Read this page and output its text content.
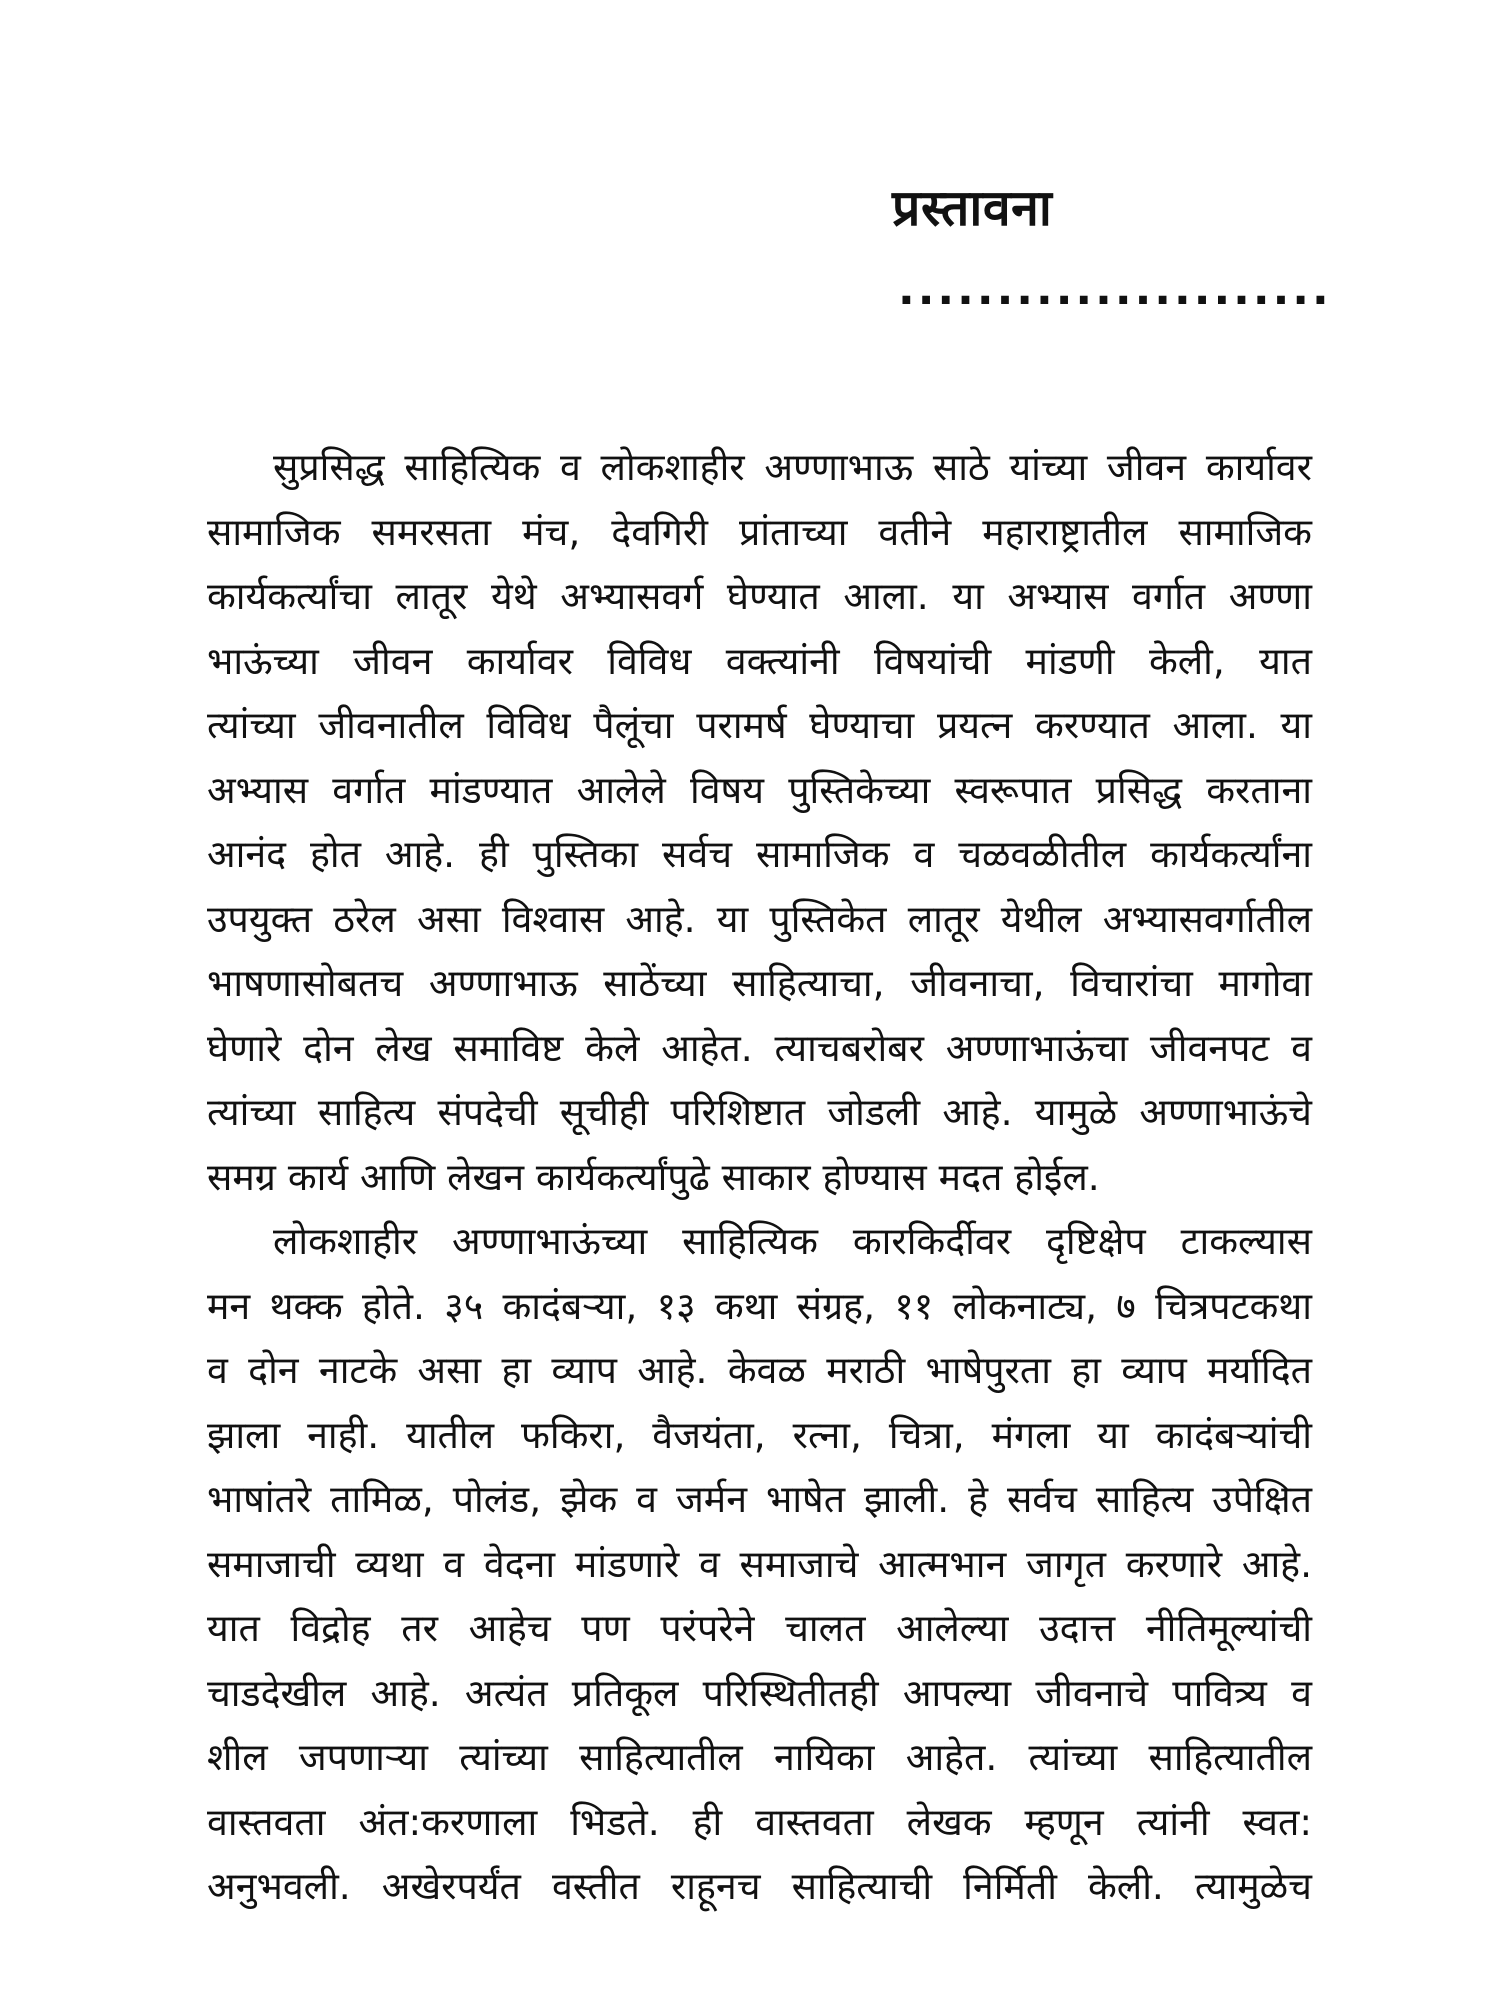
प्रस्तावना
......................
सुप्रसिद्ध साहित्यिक व लोकशाहीर अण्णाभाऊ साठे यांच्या जीवन कार्यावर
सामाजिक समरसता मंच, देवगिरी प्रांताच्या वतीने महाराष्ट्रातील सामाजिक
कार्यकर्त्यांचा लातूर येथे अभ्यासवर्ग घेण्यात आला. या अभ्यास वर्गात अण्णा
भाऊंच्या जीवन कार्यावर विविध वक्त्यांनी विषयांची मांडणी केली, यात
त्यांच्या जीवनातील विविध पैलूंचा परामर्ष घेण्याचा प्रयत्न करण्यात आला. या
अभ्यास वर्गात मांडण्यात आलेले विषय पुस्तिकेच्या स्वरूपात प्रसिद्ध करताना
आनंद होत आहे. ही पुस्तिका सर्वच सामाजिक व चळवळीतील कार्यकर्त्यांना
उपयुक्त ठरेल असा विश्वास आहे. या पुस्तिकेत लातूर येथील अभ्यासवर्गातील
भाषणासोबतच अण्णाभाऊ साठेंच्या साहित्याचा, जीवनाचा, विचारांचा मागोवा
घेणारे दोन लेख समाविष्ट केले आहेत. त्याचबरोबर अण्णाभाऊंचा जीवनपट व
त्यांच्या साहित्य संपदेची सूचीही परिशिष्टात जोडली आहे. यामुळे अण्णाभाऊंचे
समग्र कार्य आणि लेखन कार्यकर्त्यांपुढे साकार होण्यास मदत होईल.
लोकशाहीर अण्णाभाऊंच्या साहित्यिक कारकिर्दीवर दृष्टिक्षेप टाकल्यास
मन थक्क होते. ३५ कादंबऱ्या, १३ कथा संग्रह, ११ लोकनाट्य, ७ चित्रपटकथा
व दोन नाटके असा हा व्याप आहे. केवळ मराठी भाषेपुरता हा व्याप मर्यादित
झाला नाही. यातील फकिरा, वैजयंता, रत्ना, चित्रा, मंगला या कादंबऱ्यांची
भाषांतरे तामिळ, पोलंड, झेक व जर्मन भाषेत झाली. हे सर्वच साहित्य उपेक्षित
समाजाची व्यथा व वेदना मांडणारे व समाजाचे आत्मभान जागृत करणारे आहे.
यात विद्रोह तर आहेच पण परंपरेने चालत आलेल्या उदात्त नीतिमूल्यांची
चाडदेखील आहे. अत्यंत प्रतिकूल परिस्थितीतही आपल्या जीवनाचे पावित्र्य व
शील जपणाऱ्या त्यांच्या साहित्यातील नायिका आहेत. त्यांच्या साहित्यातील
वास्तवता अंत:करणाला भिडते. ही वास्तवता लेखक म्हणून त्यांनी स्वत:
अनुभवली. अखेरपर्यंत वस्तीत राहूनच साहित्याची निर्मिती केली. त्यामुळेच
